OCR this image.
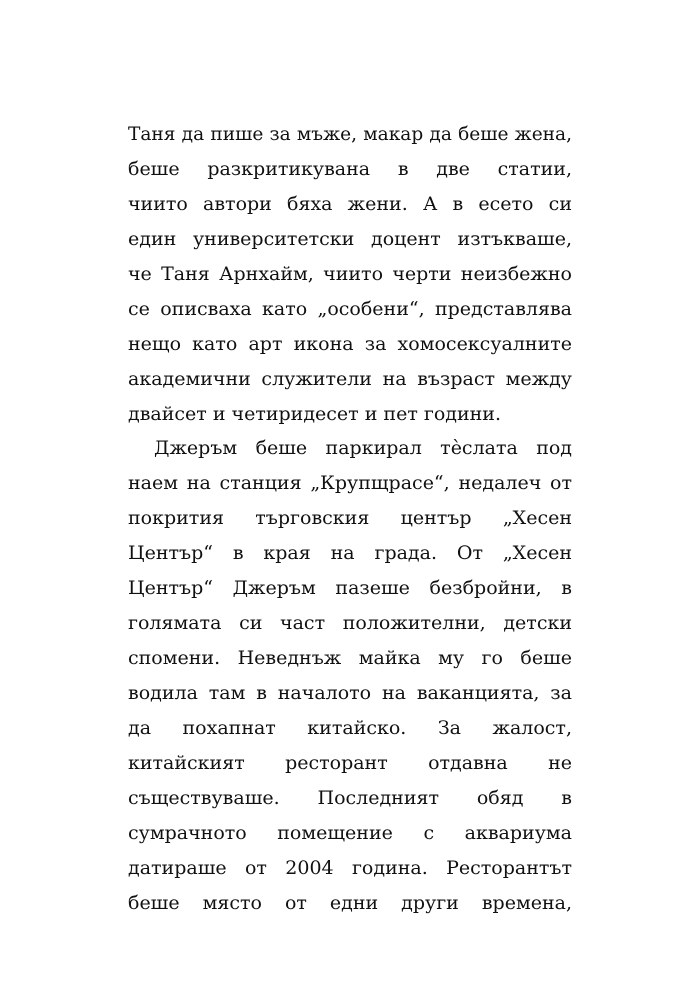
Таня да пише за мъже, макар да беше жена,
беше разкритикувана в две статии,
чиито автори бяха жени. А в есето си
един университетски доцент изтъкваше,
че Таня Арнхайм, чиито черти неизбежно
се описваха като „особени“, представлява
нещо като арт икона за хомосексуалните
академични служители на възраст между
двайсет и четиридесет и пет години.
Джеръм беше паркирал тѐслата под
наем на станция „Крупщрасе“, недалеч от
покрития търговския център „Хесен
Център“ в края на града. От „Хесен
Център“ Джеръм пазеше безбройни, в
голямата си част положителни, детски
спомени. Неведнъж майка му го беше
водила там в началото на ваканцията, за
да похапнат китайско. За жалост,
китайският ресторант отдавна не
съществуваше. Последният обяд в
сумрачното помещение с аквариума
датираше от 2004 година. Ресторантът
беше място от едни други времена,
